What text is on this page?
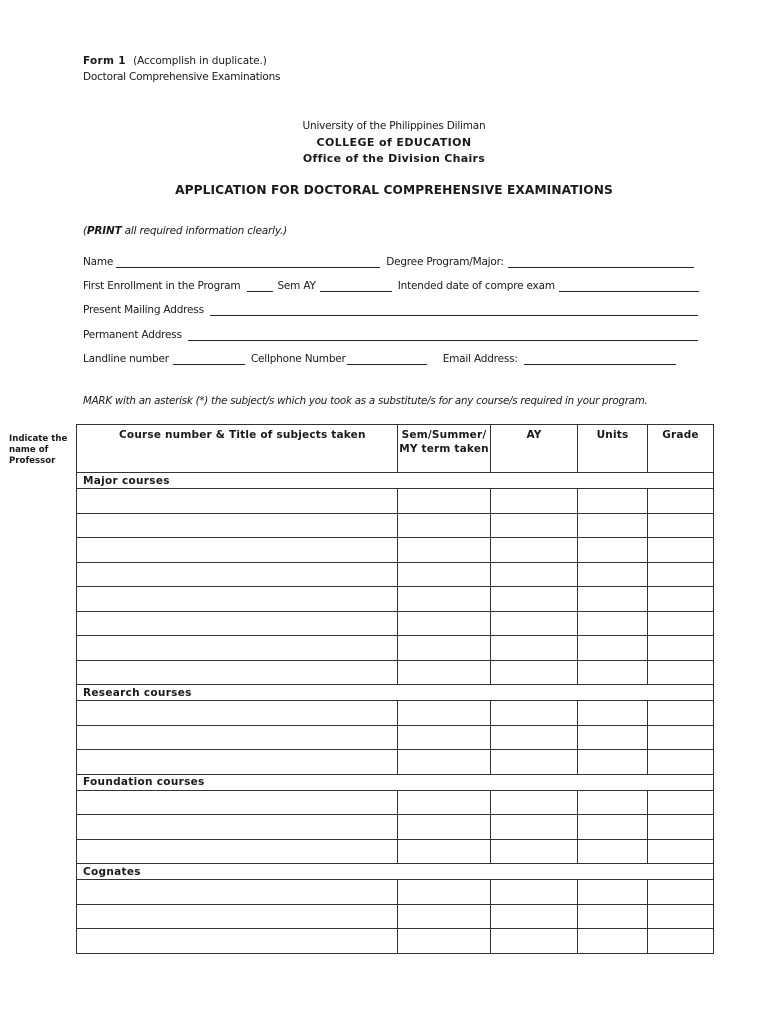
Form 1 (Accomplish in duplicate.)
Doctoral Comprehensive Examinations
University of the Philippines Diliman
COLLEGE of EDUCATION
Office of the Division Chairs
APPLICATION FOR DOCTORAL COMPREHENSIVE EXAMINATIONS
(PRINT all required information clearly.)
Name	Degree Program/Major:
First Enrollment in the Program	Sem AY	Intended date of compre exam
Present Mailing Address
Permanent Address
Landline number	Cellphone Number	Email Address:
MARK with an asterisk (*) the subject/s which you took as a substitute/s for any course/s required in your program.
Indicate the name of Professor
Course number & Title of subjects taken	Sem/Summer/ MY term taken	AY	Units	Grade
Major courses				

Research courses				

Foundation courses				

Cognates				
